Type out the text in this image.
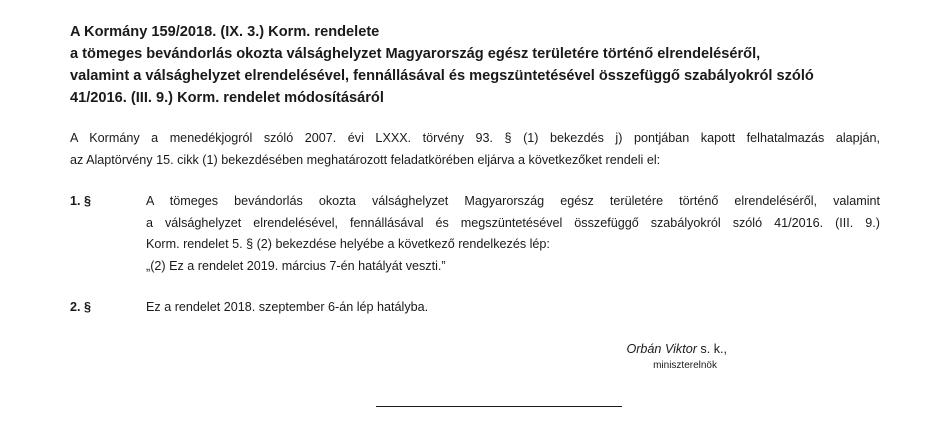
A Kormány 159/2018. (IX. 3.) Korm. rendelete
a tömeges bevándorlás okozta válsághelyzet Magyarország egész területére történő elrendeléséről,
valamint a válsághelyzet elrendelésével, fennállásával és megszüntetésével összefüggő szabályokról szóló
41/2016. (III. 9.) Korm. rendelet módosításáról
A Kormány a menedékjogról szóló 2007. évi LXXX. törvény 93. § (1) bekezdés j) pontjában kapott felhatalmazás alapján,
az Alaptörvény 15. cikk (1) bekezdésében meghatározott feladatkörében eljárva a következőket rendeli el:
1. §	A tömeges bevándorlás okozta válsághelyzet Magyarország egész területére történő elrendeléséről, valamint
a válsághelyzet elrendelésével, fennállásával és megszüntetésével összefüggő szabályokról szóló 41/2016. (III. 9.)
Korm. rendelet 5. § (2) bekezdése helyébe a következő rendelkezés lép:
„(2) Ez a rendelet 2019. március 7-én hatályát veszti.”
2. §	Ez a rendelet 2018. szeptember 6-án lép hatályba.
Orbán Viktor s. k.,
miniszterelnök
